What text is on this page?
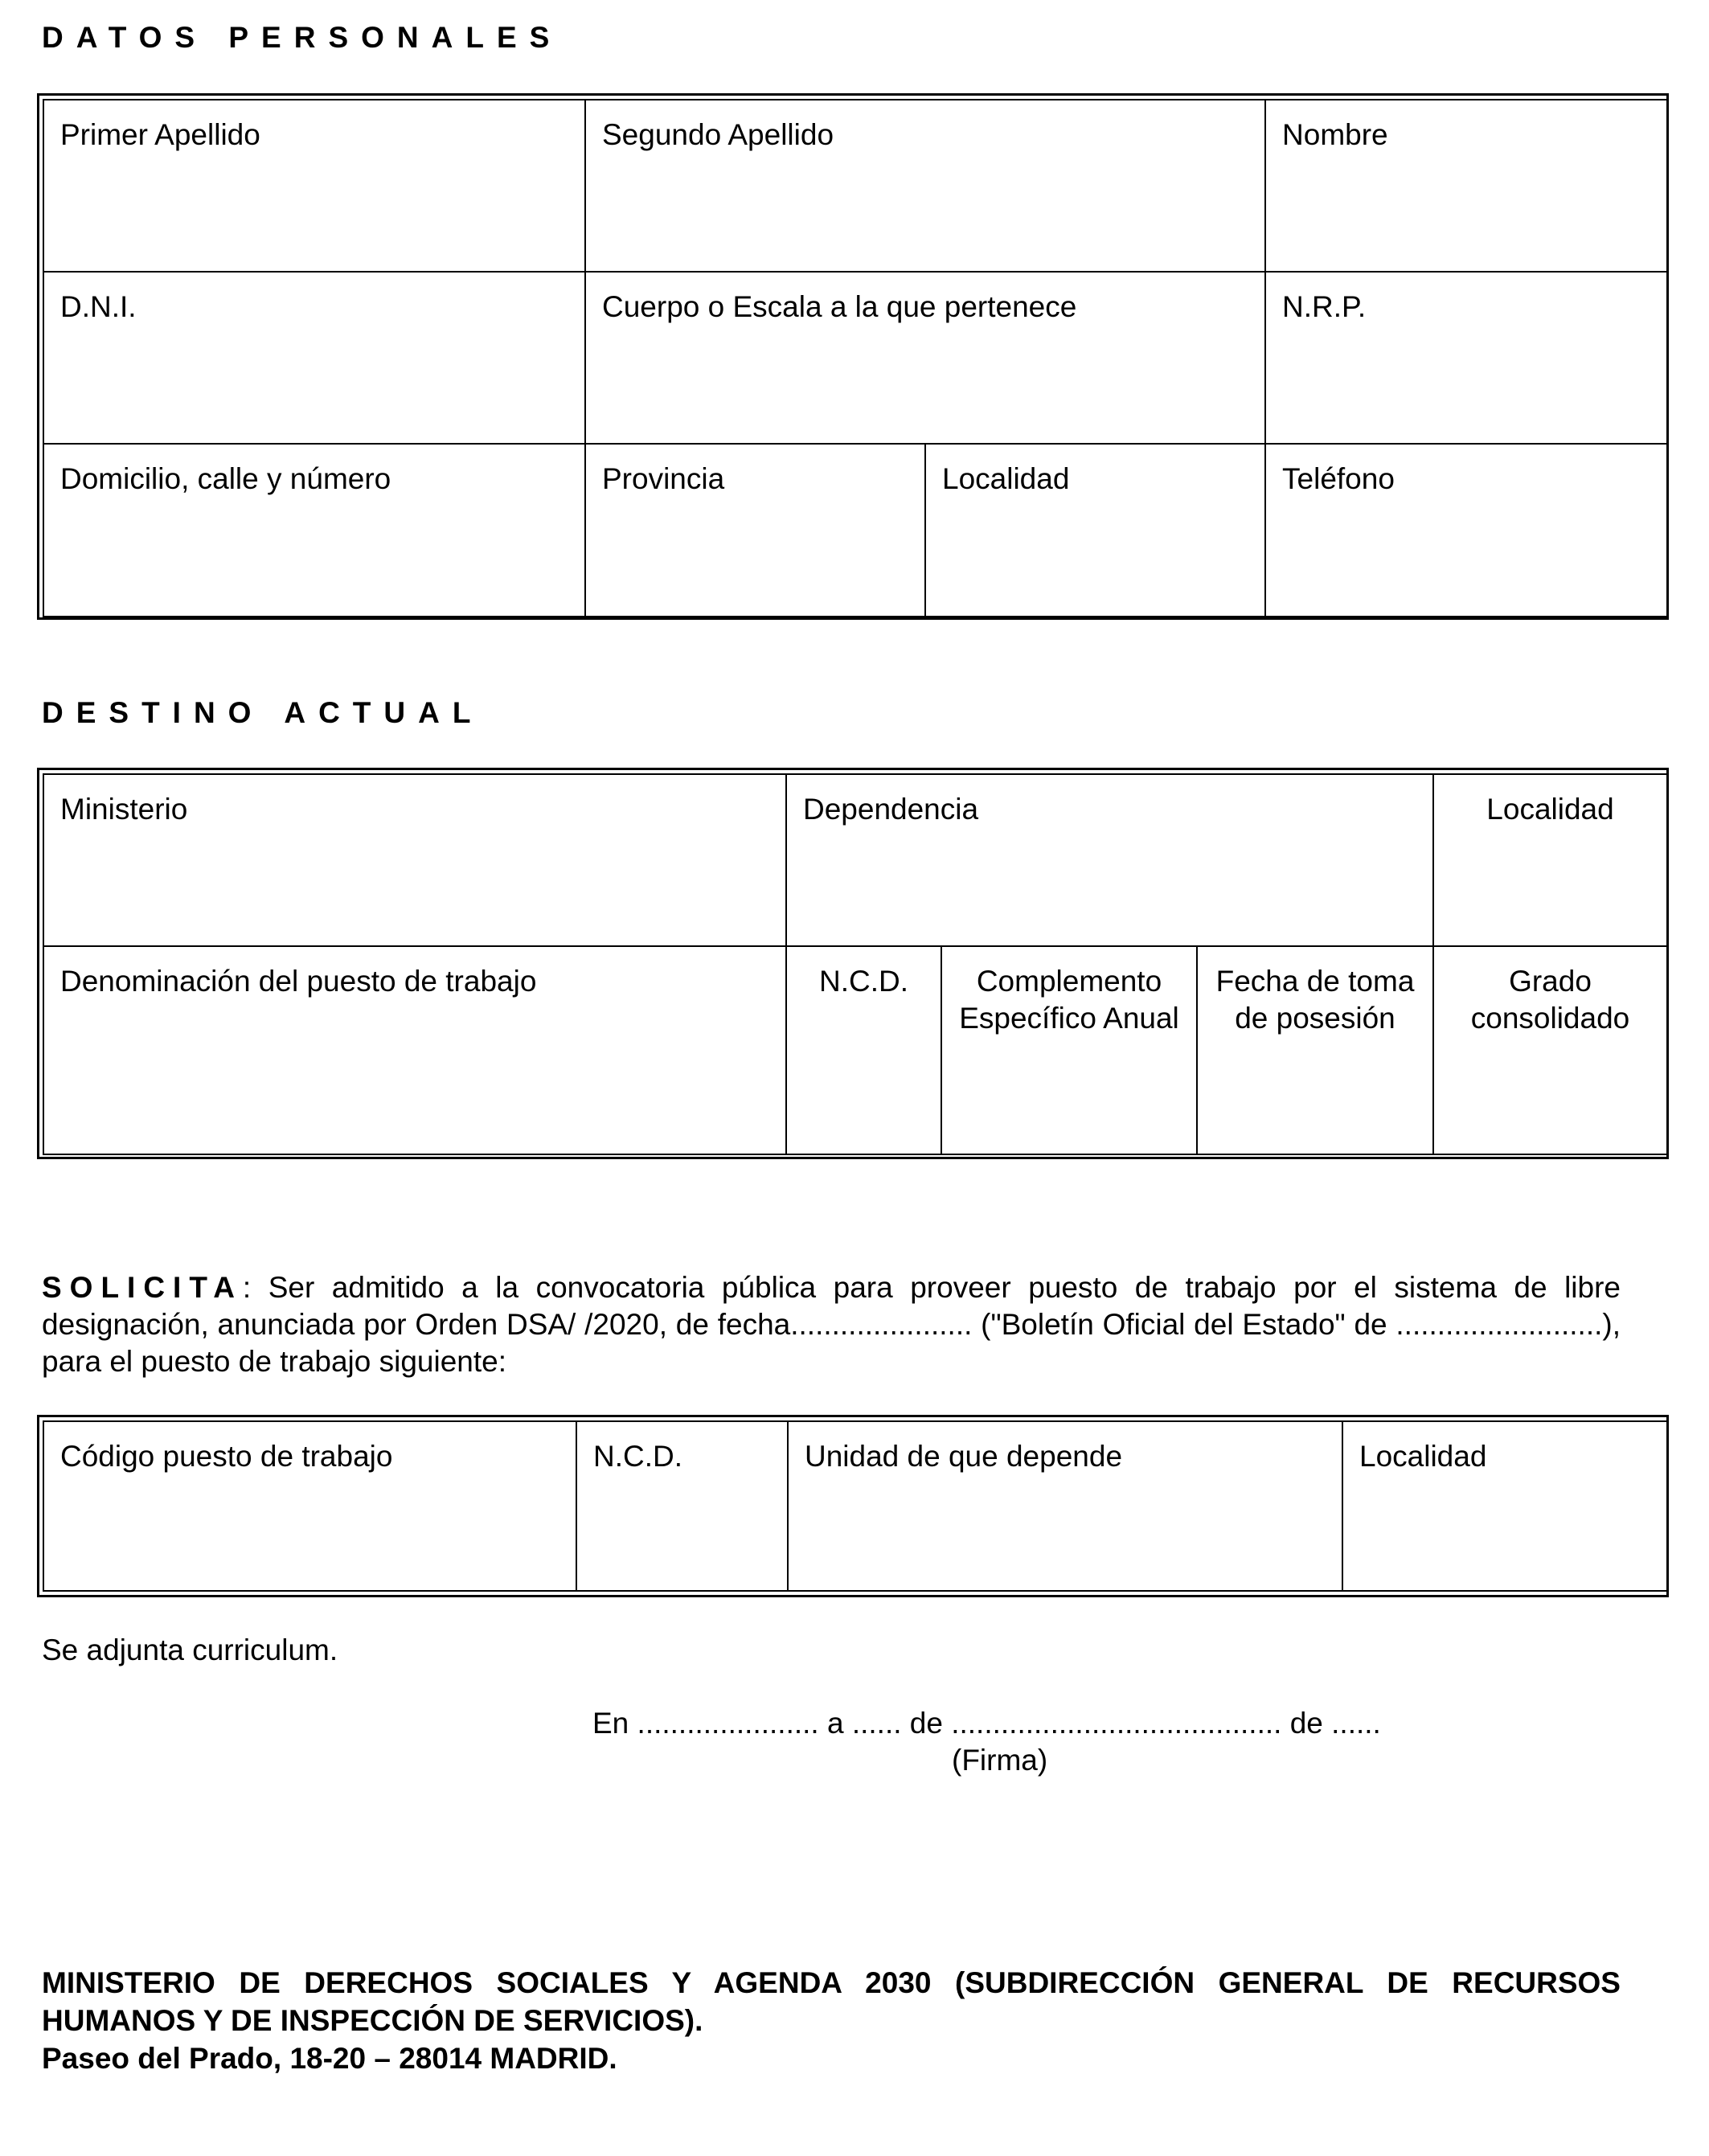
DATOS PERSONALES
Primer Apellido	Segundo Apellido		Nombre
D.N.I.	Cuerpo o Escala a la que pertenece		N.R.P.
Domicilio, calle y número	Provincia	Localidad	Teléfono
DESTINO ACTUAL
Ministerio	Dependencia			Localidad
Denominación del puesto de trabajo	N.C.D.	Complemento Específico Anual	Fecha de toma de posesión	Grado consolidado
SOLICITA: Ser admitido a la convocatoria pública para proveer puesto de trabajo por el sistema de libre designación, anunciada por Orden DSA/ /2020, de fecha...................... ("Boletín Oficial del Estado" de .........................), para el puesto de trabajo siguiente:
Código puesto de trabajo	N.C.D.	Unidad de que depende	Localidad
Se adjunta curriculum.
En ...................... a ...... de ........................................ de ......
(Firma)
MINISTERIO DE DERECHOS SOCIALES Y AGENDA 2030 (SUBDIRECCIÓN GENERAL DE RECURSOS HUMANOS Y DE INSPECCIÓN DE SERVICIOS).
Paseo del Prado, 18-20 – 28014 MADRID.
